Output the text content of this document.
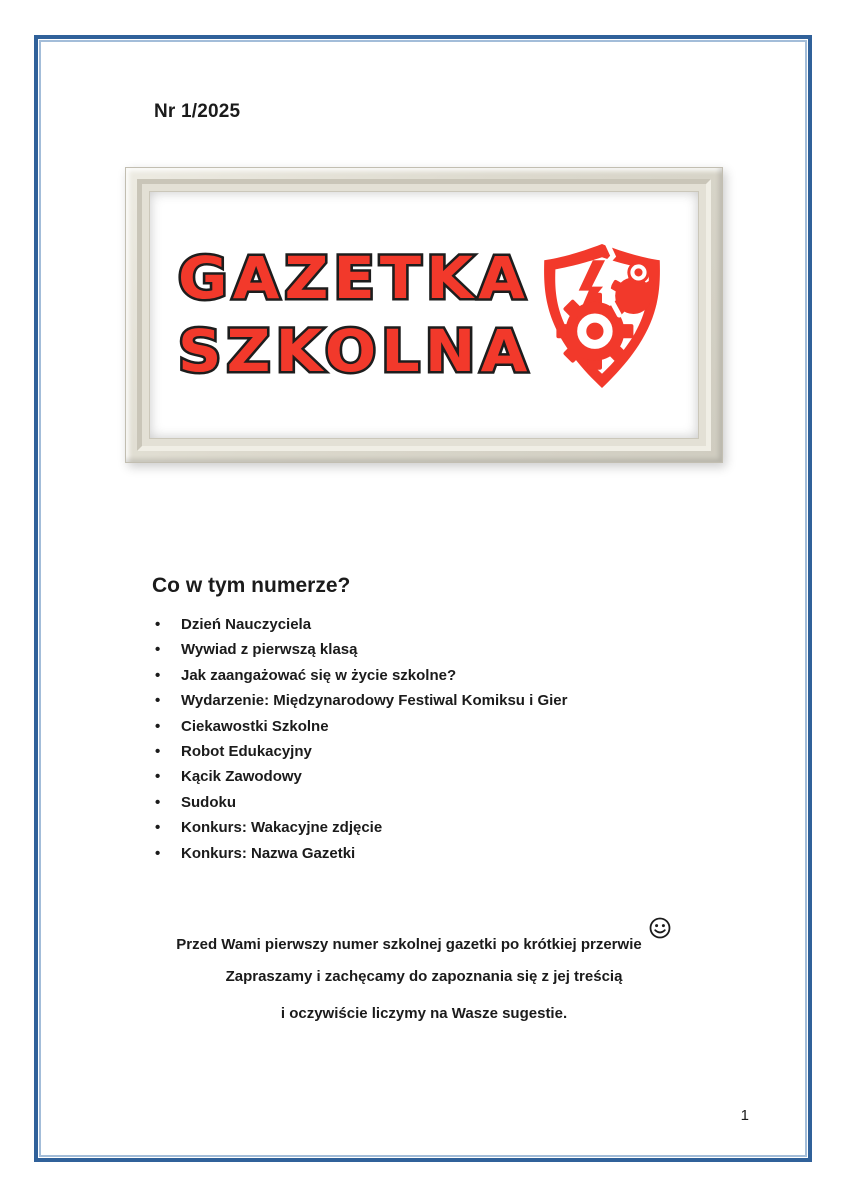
Nr 1/2025
GAZETKA
SZKOLNA
Co w tym numerze?
• Dzień Nauczyciela
• Wywiad z pierwszą klasą
• Jak zaangażować się w życie szkolne?
• Wydarzenie: Międzynarodowy Festiwal Komiksu i Gier
• Ciekawostki Szkolne
• Robot Edukacyjny
• Kącik Zawodowy
• Sudoku
• Konkurs: Wakacyjne zdjęcie
• Konkurs: Nazwa Gazetki
Przed Wami pierwszy numer szkolnej gazetki po krótkiej przerwie
Zapraszamy i zachęcamy do zapoznania się z jej treścią
i oczywiście liczymy na Wasze sugestie.
1
